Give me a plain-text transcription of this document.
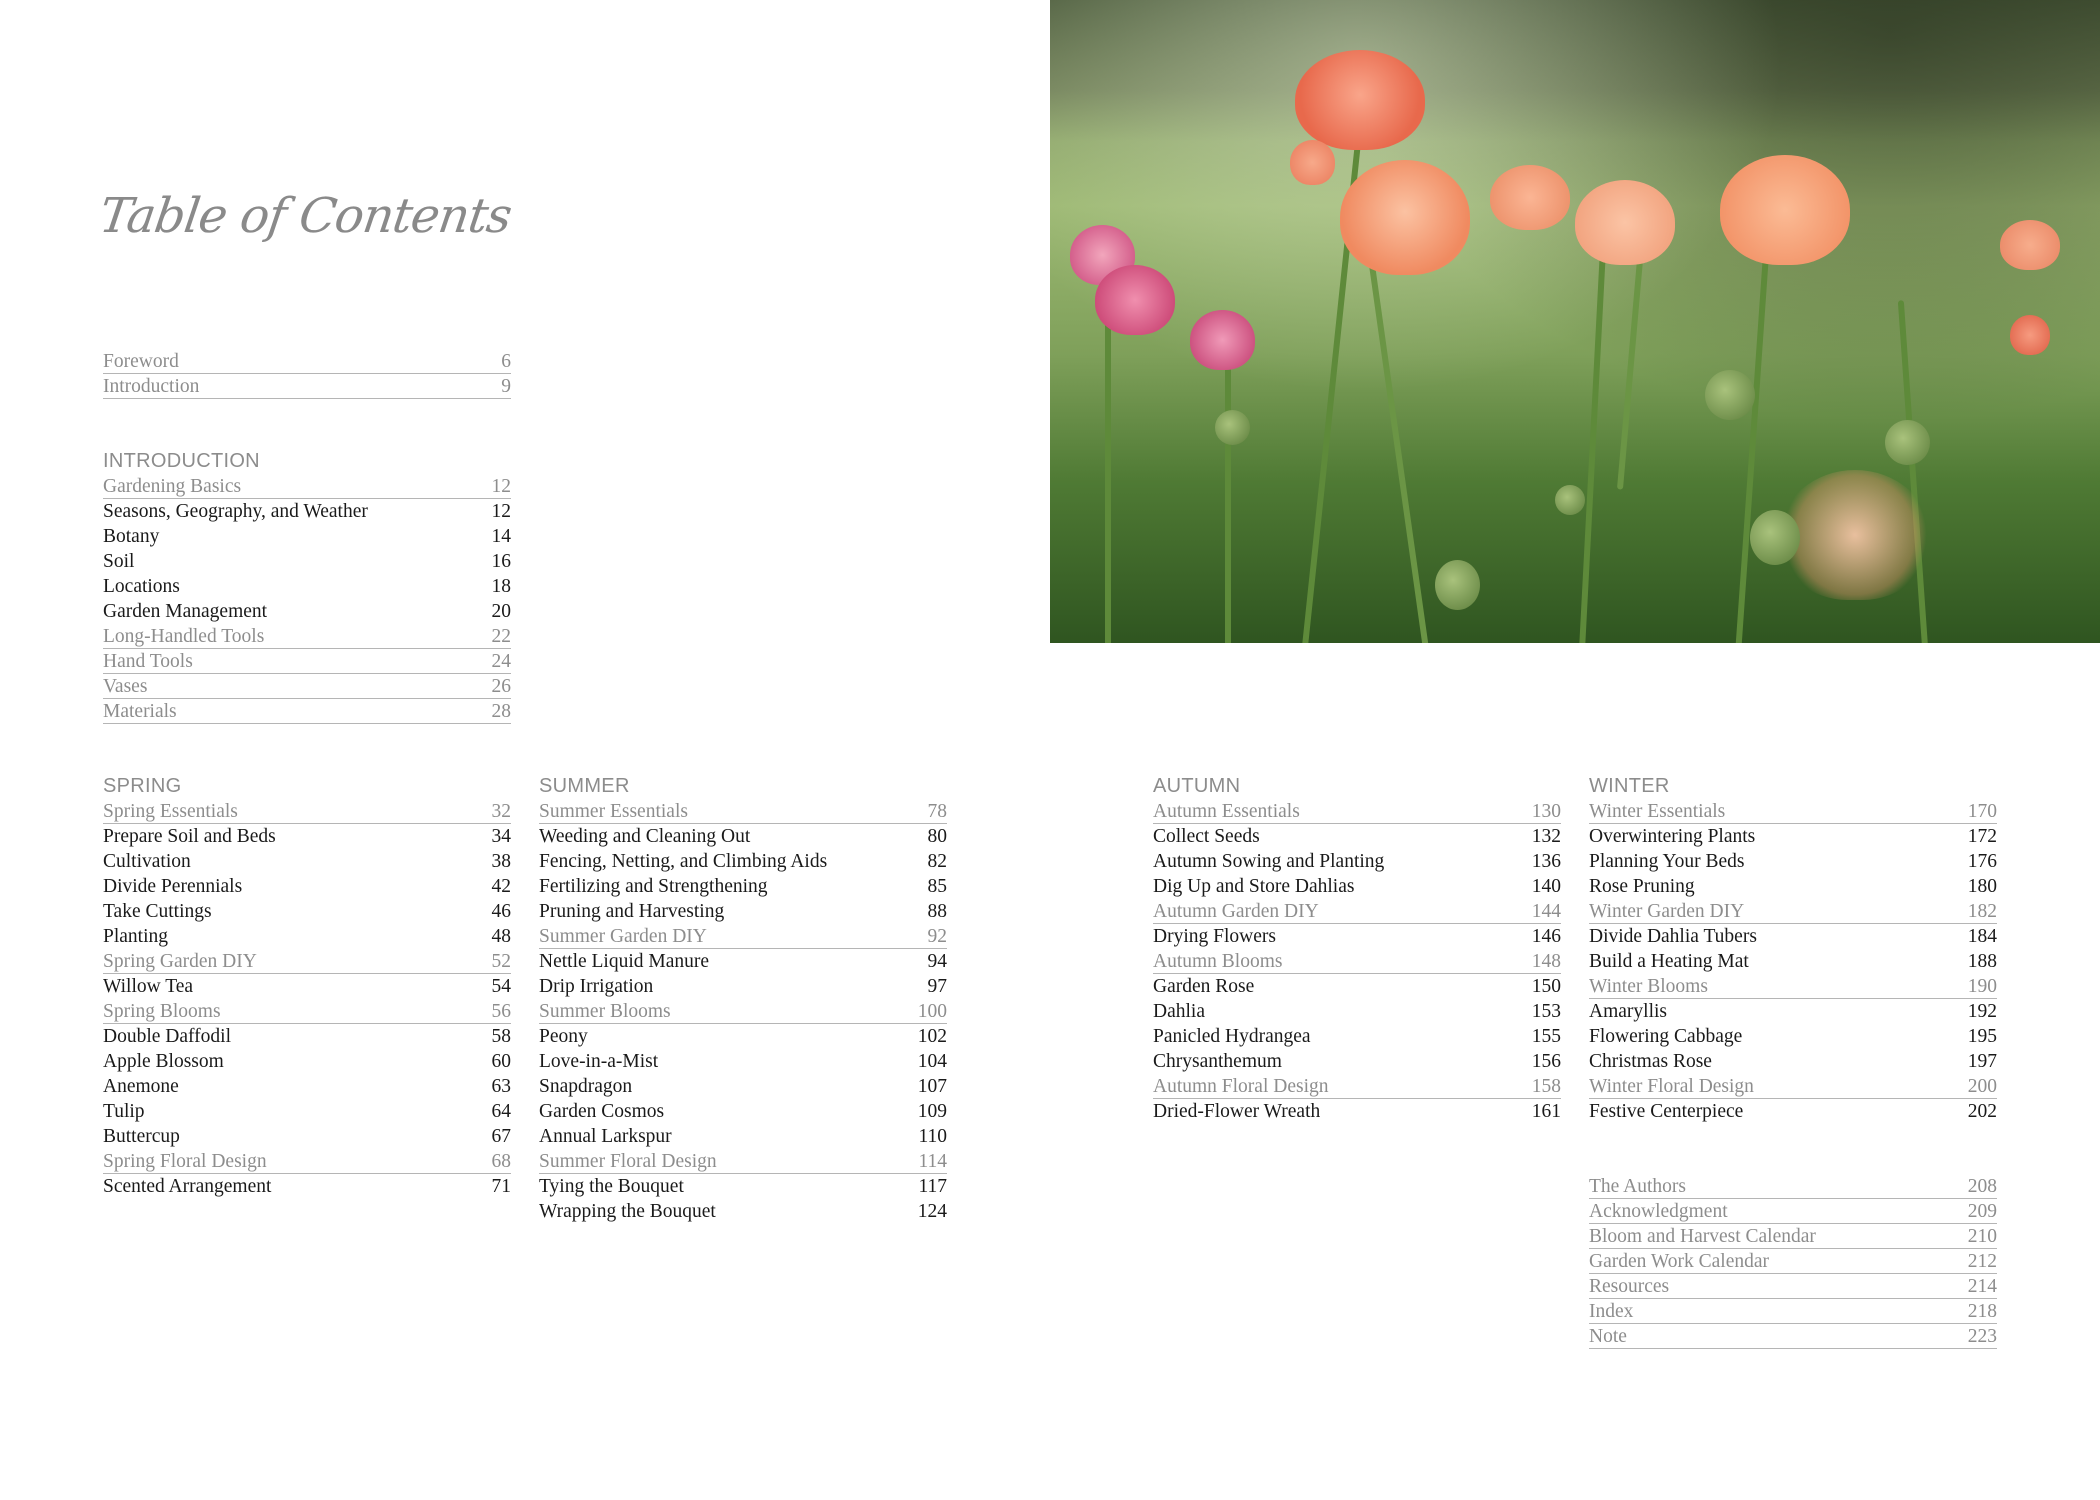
Table of Contents
Foreword	6
Introduction	9
INTRODUCTION
Gardening Basics	12
Seasons, Geography, and Weather	12
Botany	14
Soil	16
Locations	18
Garden Management	20
Long-Handled Tools	22
Hand Tools	24
Vases	26
Materials	28
SPRING
Spring Essentials	32
Prepare Soil and Beds	34
Cultivation	38
Divide Perennials	42
Take Cuttings	46
Planting	48
Spring Garden DIY	52
Willow Tea	54
Spring Blooms	56
Double Daffodil	58
Apple Blossom	60
Anemone	63
Tulip	64
Buttercup	67
Spring Floral Design	68
Scented Arrangement	71
SUMMER
Summer Essentials	78
Weeding and Cleaning Out	80
Fencing, Netting, and Climbing Aids	82
Fertilizing and Strengthening	85
Pruning and Harvesting	88
Summer Garden DIY	92
Nettle Liquid Manure	94
Drip Irrigation	97
Summer Blooms	100
Peony	102
Love-in-a-Mist	104
Snapdragon	107
Garden Cosmos	109
Annual Larkspur	110
Summer Floral Design	114
Tying the Bouquet	117
Wrapping the Bouquet	124
AUTUMN
Autumn Essentials	130
Collect Seeds	132
Autumn Sowing and Planting	136
Dig Up and Store Dahlias	140
Autumn Garden DIY	144
Drying Flowers	146
Autumn Blooms	148
Garden Rose	150
Dahlia	153
Panicled Hydrangea	155
Chrysanthemum	156
Autumn Floral Design	158
Dried-Flower Wreath	161
WINTER
Winter Essentials	170
Overwintering Plants	172
Planning Your Beds	176
Rose Pruning	180
Winter Garden DIY	182
Divide Dahlia Tubers	184
Build a Heating Mat	188
Winter Blooms	190
Amaryllis	192
Flowering Cabbage	195
Christmas Rose	197
Winter Floral Design	200
Festive Centerpiece	202
The Authors	208
Acknowledgment	209
Bloom and Harvest Calendar	210
Garden Work Calendar	212
Resources	214
Index	218
Note	223
